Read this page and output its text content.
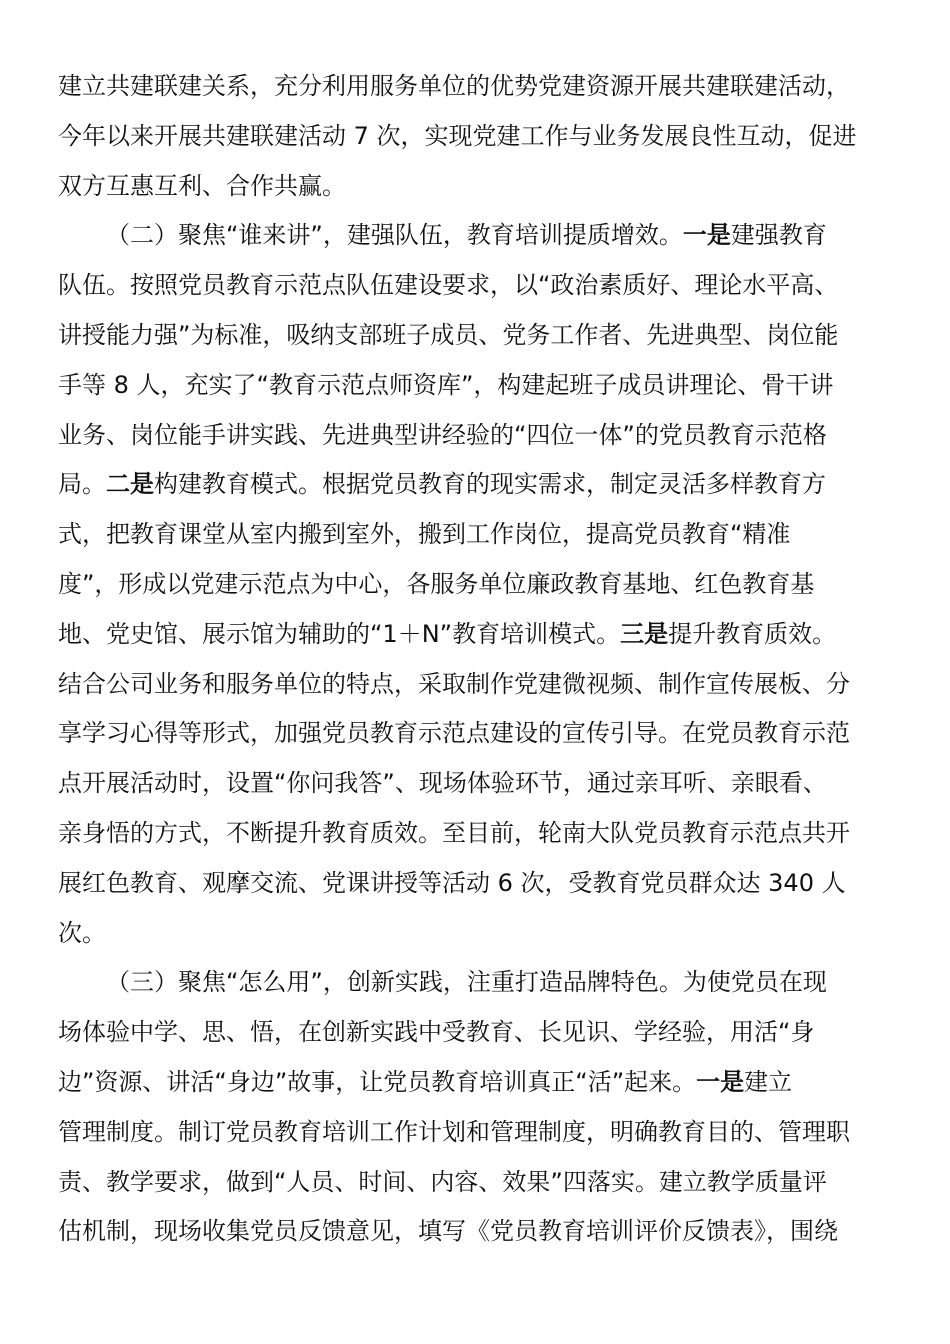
建立共建联建关系，充分利用服务单位的优势党建资源开展共建联建活动，
今年以来开展共建联建活动 7 次，实现党建工作与业务发展良性互动，促进
双方互惠互利、合作共赢。
（二）聚焦“谁来讲”，建强队伍，教育培训提质增效。一是建强教育
队伍。按照党员教育示范点队伍建设要求，以“政治素质好、理论水平高、
讲授能力强”为标准，吸纳支部班子成员、党务工作者、先进典型、岗位能
手等 8 人，充实了“教育示范点师资库”，构建起班子成员讲理论、骨干讲
业务、岗位能手讲实践、先进典型讲经验的“四位一体”的党员教育示范格
局。二是构建教育模式。根据党员教育的现实需求，制定灵活多样教育方
式，把教育课堂从室内搬到室外，搬到工作岗位，提高党员教育“精准
度”，形成以党建示范点为中心，各服务单位廉政教育基地、红色教育基
地、党史馆、展示馆为辅助的“1＋N”教育培训模式。三是提升教育质效。
结合公司业务和服务单位的特点，采取制作党建微视频、制作宣传展板、分
享学习心得等形式，加强党员教育示范点建设的宣传引导。在党员教育示范
点开展活动时，设置“你问我答”、现场体验环节，通过亲耳听、亲眼看、
亲身悟的方式，不断提升教育质效。至目前，轮南大队党员教育示范点共开
展红色教育、观摩交流、党课讲授等活动 6 次，受教育党员群众达 340 人
次。
（三）聚焦“怎么用”，创新实践，注重打造品牌特色。为使党员在现
场体验中学、思、悟，在创新实践中受教育、长见识、学经验，用活“身
边”资源、讲活“身边”故事，让党员教育培训真正“活”起来。一是建立
管理制度。制订党员教育培训工作计划和管理制度，明确教育目的、管理职
责、教学要求，做到“人员、时间、内容、效果”四落实。建立教学质量评
估机制，现场收集党员反馈意见，填写《党员教育培训评价反馈表》，围绕
